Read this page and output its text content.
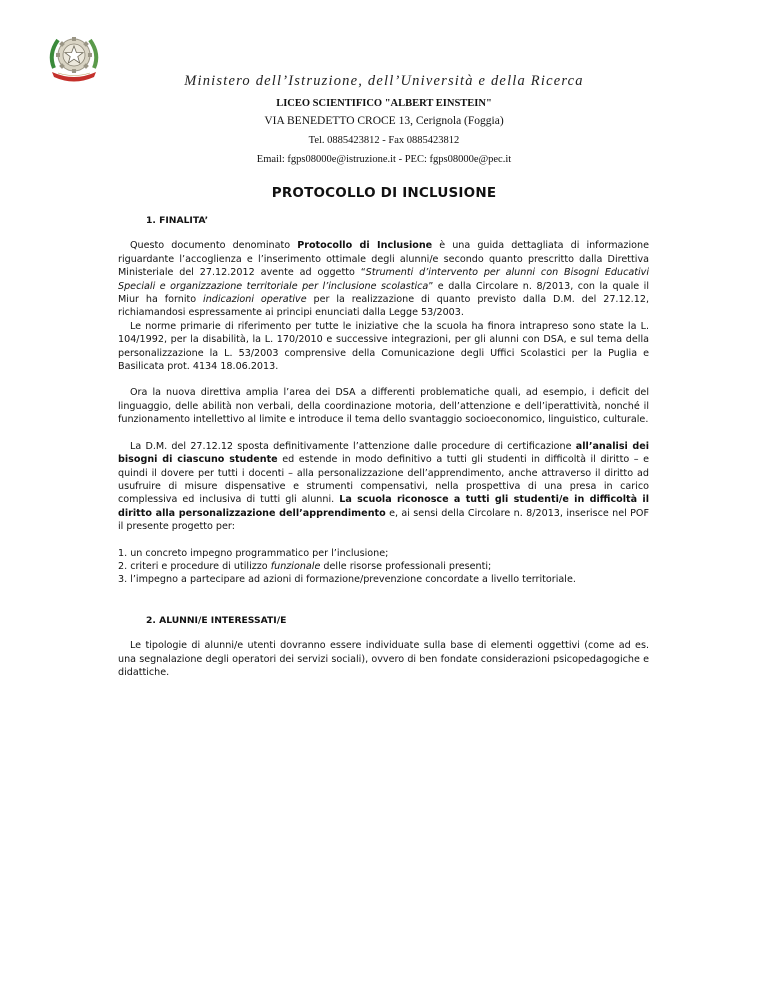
Ministero dell’Istruzione, dell’Università e della Ricerca
LICEO SCIENTIFICO "ALBERT EINSTEIN"
VIA BENEDETTO CROCE 13, Cerignola (Foggia)
Tel. 0885423812 - Fax 0885423812
Email: fgps08000e@istruzione.it - PEC: fgps08000e@pec.it
PROTOCOLLO DI INCLUSIONE
1. FINALITA’

Questo documento denominato Protocollo di Inclusione è una guida dettagliata di informazione riguardante l’accoglienza e l’inserimento ottimale degli alunni/e secondo quanto prescritto dalla Direttiva Ministeriale del 27.12.2012 avente ad oggetto “Strumenti d’intervento per alunni con Bisogni Educativi Speciali e organizzazione territoriale per l’inclusione scolastica” e dalla Circolare n. 8/2013, con la quale il Miur ha fornito indicazioni operative per la realizzazione di quanto previsto dalla D.M. del 27.12.12, richiamandosi espressamente ai principi enunciati dalla Legge 53/2003.

Le norme primarie di riferimento per tutte le iniziative che la scuola ha finora intrapreso sono state la L. 104/1992, per la disabilità, la L. 170/2010 e successive integrazioni, per gli alunni con DSA, e sul tema della personalizzazione la L. 53/2003 comprensive della Comunicazione degli Uffici Scolastici per la Puglia e Basilicata prot. 4134 18.06.2013.

Ora la nuova direttiva amplia l’area dei DSA a differenti problematiche quali, ad esempio, i deficit del linguaggio, delle abilità non verbali, della coordinazione motoria, dell’attenzione e dell’iperattività, nonché il funzionamento intellettivo al limite e introduce il tema dello svantaggio socioeconomico, linguistico, culturale.

La D.M. del 27.12.12 sposta definitivamente l’attenzione dalle procedure di certificazione all’analisi dei bisogni di ciascuno studente ed estende in modo definitivo a tutti gli studenti in difficoltà il diritto – e quindi il dovere per tutti i docenti – alla personalizzazione dell’apprendimento, anche attraverso il diritto ad usufruire di misure dispensative e strumenti compensativi, nella prospettiva di una presa in carico complessiva ed inclusiva di tutti gli alunni. La scuola riconosce a tutti gli studenti/e in difficoltà il diritto alla personalizzazione dell’apprendimento e, ai sensi della Circolare n. 8/2013, inserisce nel POF il presente progetto per:

1. un concreto impegno programmatico per l’inclusione;
2. criteri e procedure di utilizzo funzionale delle risorse professionali presenti;
3. l’impegno a partecipare ad azioni di formazione/prevenzione concordate a livello territoriale.
2. ALUNNI/E INTERESSATI/E

Le tipologie di alunni/e utenti dovranno essere individuate sulla base di elementi oggettivi (come ad es. una segnalazione degli operatori dei servizi sociali), ovvero di ben fondate considerazioni psicopedagogiche e didattiche.
